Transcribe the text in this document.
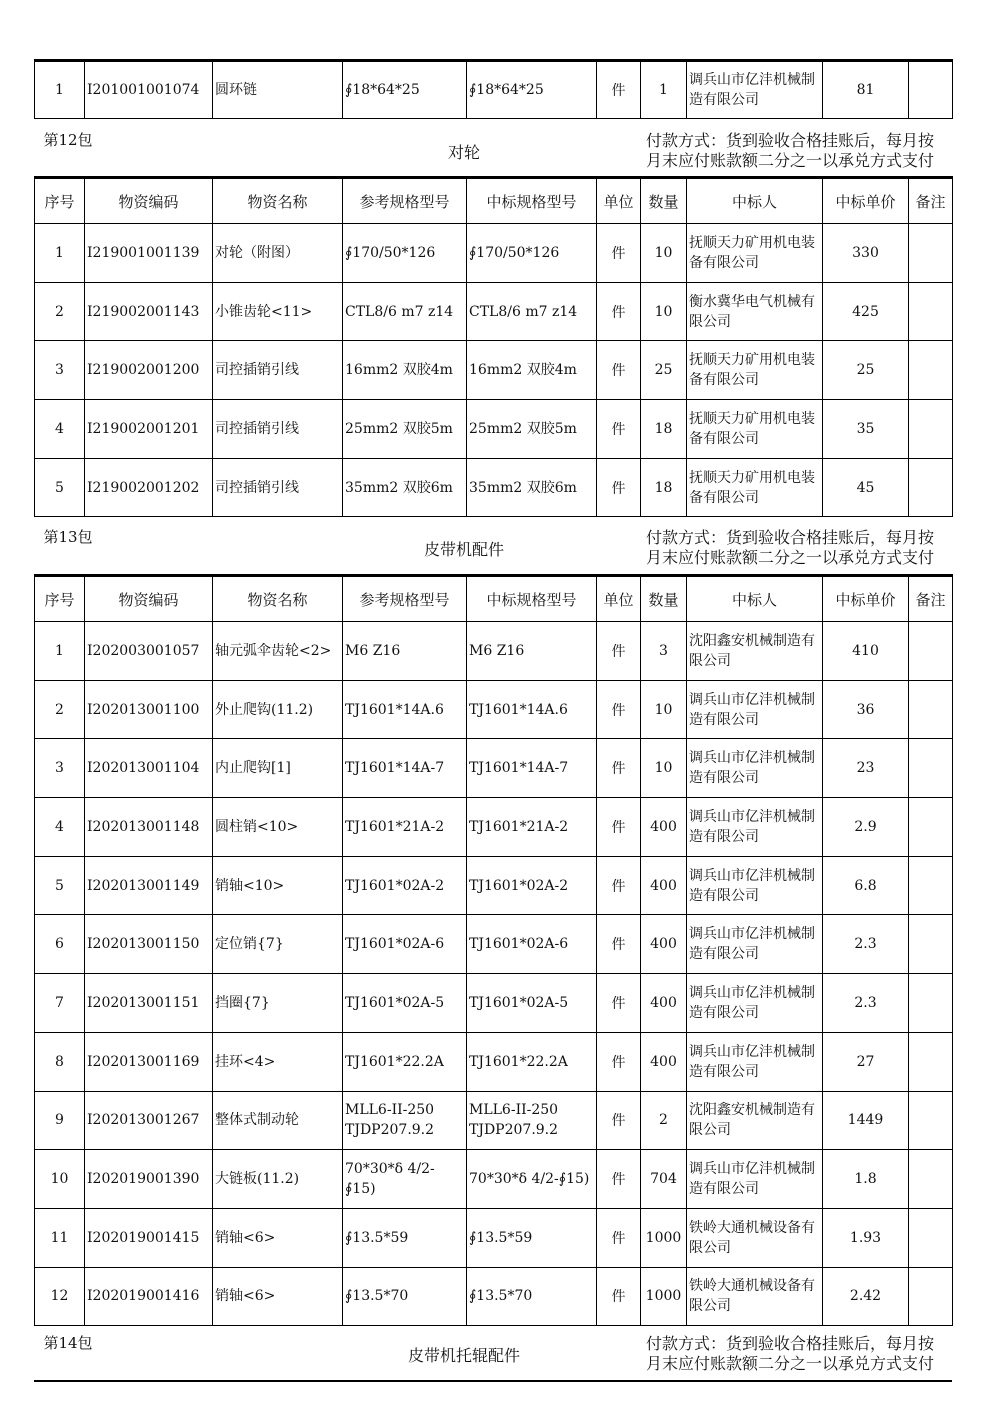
1	I201001001074	圆环链	∮18*64*25	∮18*64*25	件	1	调兵山市亿沣机械制造有限公司	81	
第12包
对轮
付款方式：货到验收合格挂账后，每月按月末应付账款额二分之一以承兑方式支付
序号	物资编码	物资名称	参考规格型号	中标规格型号	单位	数量	中标人	中标单价	备注
1	I219001001139	对轮（附图）	∮170/50*126	∮170/50*126	件	10	抚顺天力矿用机电装备有限公司	330	
2	I219002001143	小锥齿轮<11>	CTL8/6 m7 z14	CTL8/6 m7 z14	件	10	衡水冀华电气机械有限公司	425	
3	I219002001200	司控插销引线	16mm2 双胶4m	16mm2 双胶4m	件	25	抚顺天力矿用机电装备有限公司	25	
4	I219002001201	司控插销引线	25mm2 双胶5m	25mm2 双胶5m	件	18	抚顺天力矿用机电装备有限公司	35	
5	I219002001202	司控插销引线	35mm2 双胶6m	35mm2 双胶6m	件	18	抚顺天力矿用机电装备有限公司	45	
第13包
皮带机配件
付款方式：货到验收合格挂账后，每月按月末应付账款额二分之一以承兑方式支付
序号	物资编码	物资名称	参考规格型号	中标规格型号	单位	数量	中标人	中标单价	备注
1	I202003001057	轴元弧伞齿轮<2>	M6 Z16	M6 Z16	件	3	沈阳鑫安机械制造有限公司	410	
2	I202013001100	外止爬钩(11.2)	TJ1601*14A.6	TJ1601*14A.6	件	10	调兵山市亿沣机械制造有限公司	36	
3	I202013001104	内止爬钩[1]	TJ1601*14A-7	TJ1601*14A-7	件	10	调兵山市亿沣机械制造有限公司	23	
4	I202013001148	圆柱销<10>	TJ1601*21A-2	TJ1601*21A-2	件	400	调兵山市亿沣机械制造有限公司	2.9	
5	I202013001149	销轴<10>	TJ1601*02A-2	TJ1601*02A-2	件	400	调兵山市亿沣机械制造有限公司	6.8	
6	I202013001150	定位销{7}	TJ1601*02A-6	TJ1601*02A-6	件	400	调兵山市亿沣机械制造有限公司	2.3	
7	I202013001151	挡圈{7}	TJ1601*02A-5	TJ1601*02A-5	件	400	调兵山市亿沣机械制造有限公司	2.3	
8	I202013001169	挂环<4>	TJ1601*22.2A	TJ1601*22.2A	件	400	调兵山市亿沣机械制造有限公司	27	
9	I202013001267	整体式制动轮	MLL6-II-250 TJDP207.9.2	MLL6-II-250 TJDP207.9.2	件	2	沈阳鑫安机械制造有限公司	1449	
10	I202019001390	大链板(11.2)	70*30*δ 4/2-∮15)	70*30*δ 4/2-∮15)	件	704	调兵山市亿沣机械制造有限公司	1.8	
11	I202019001415	销轴<6>	∮13.5*59	∮13.5*59	件	1000	铁岭大通机械设备有限公司	1.93	
12	I202019001416	销轴<6>	∮13.5*70	∮13.5*70	件	1000	铁岭大通机械设备有限公司	2.42	
第14包
皮带机托辊配件
付款方式：货到验收合格挂账后，每月按月末应付账款额二分之一以承兑方式支付
